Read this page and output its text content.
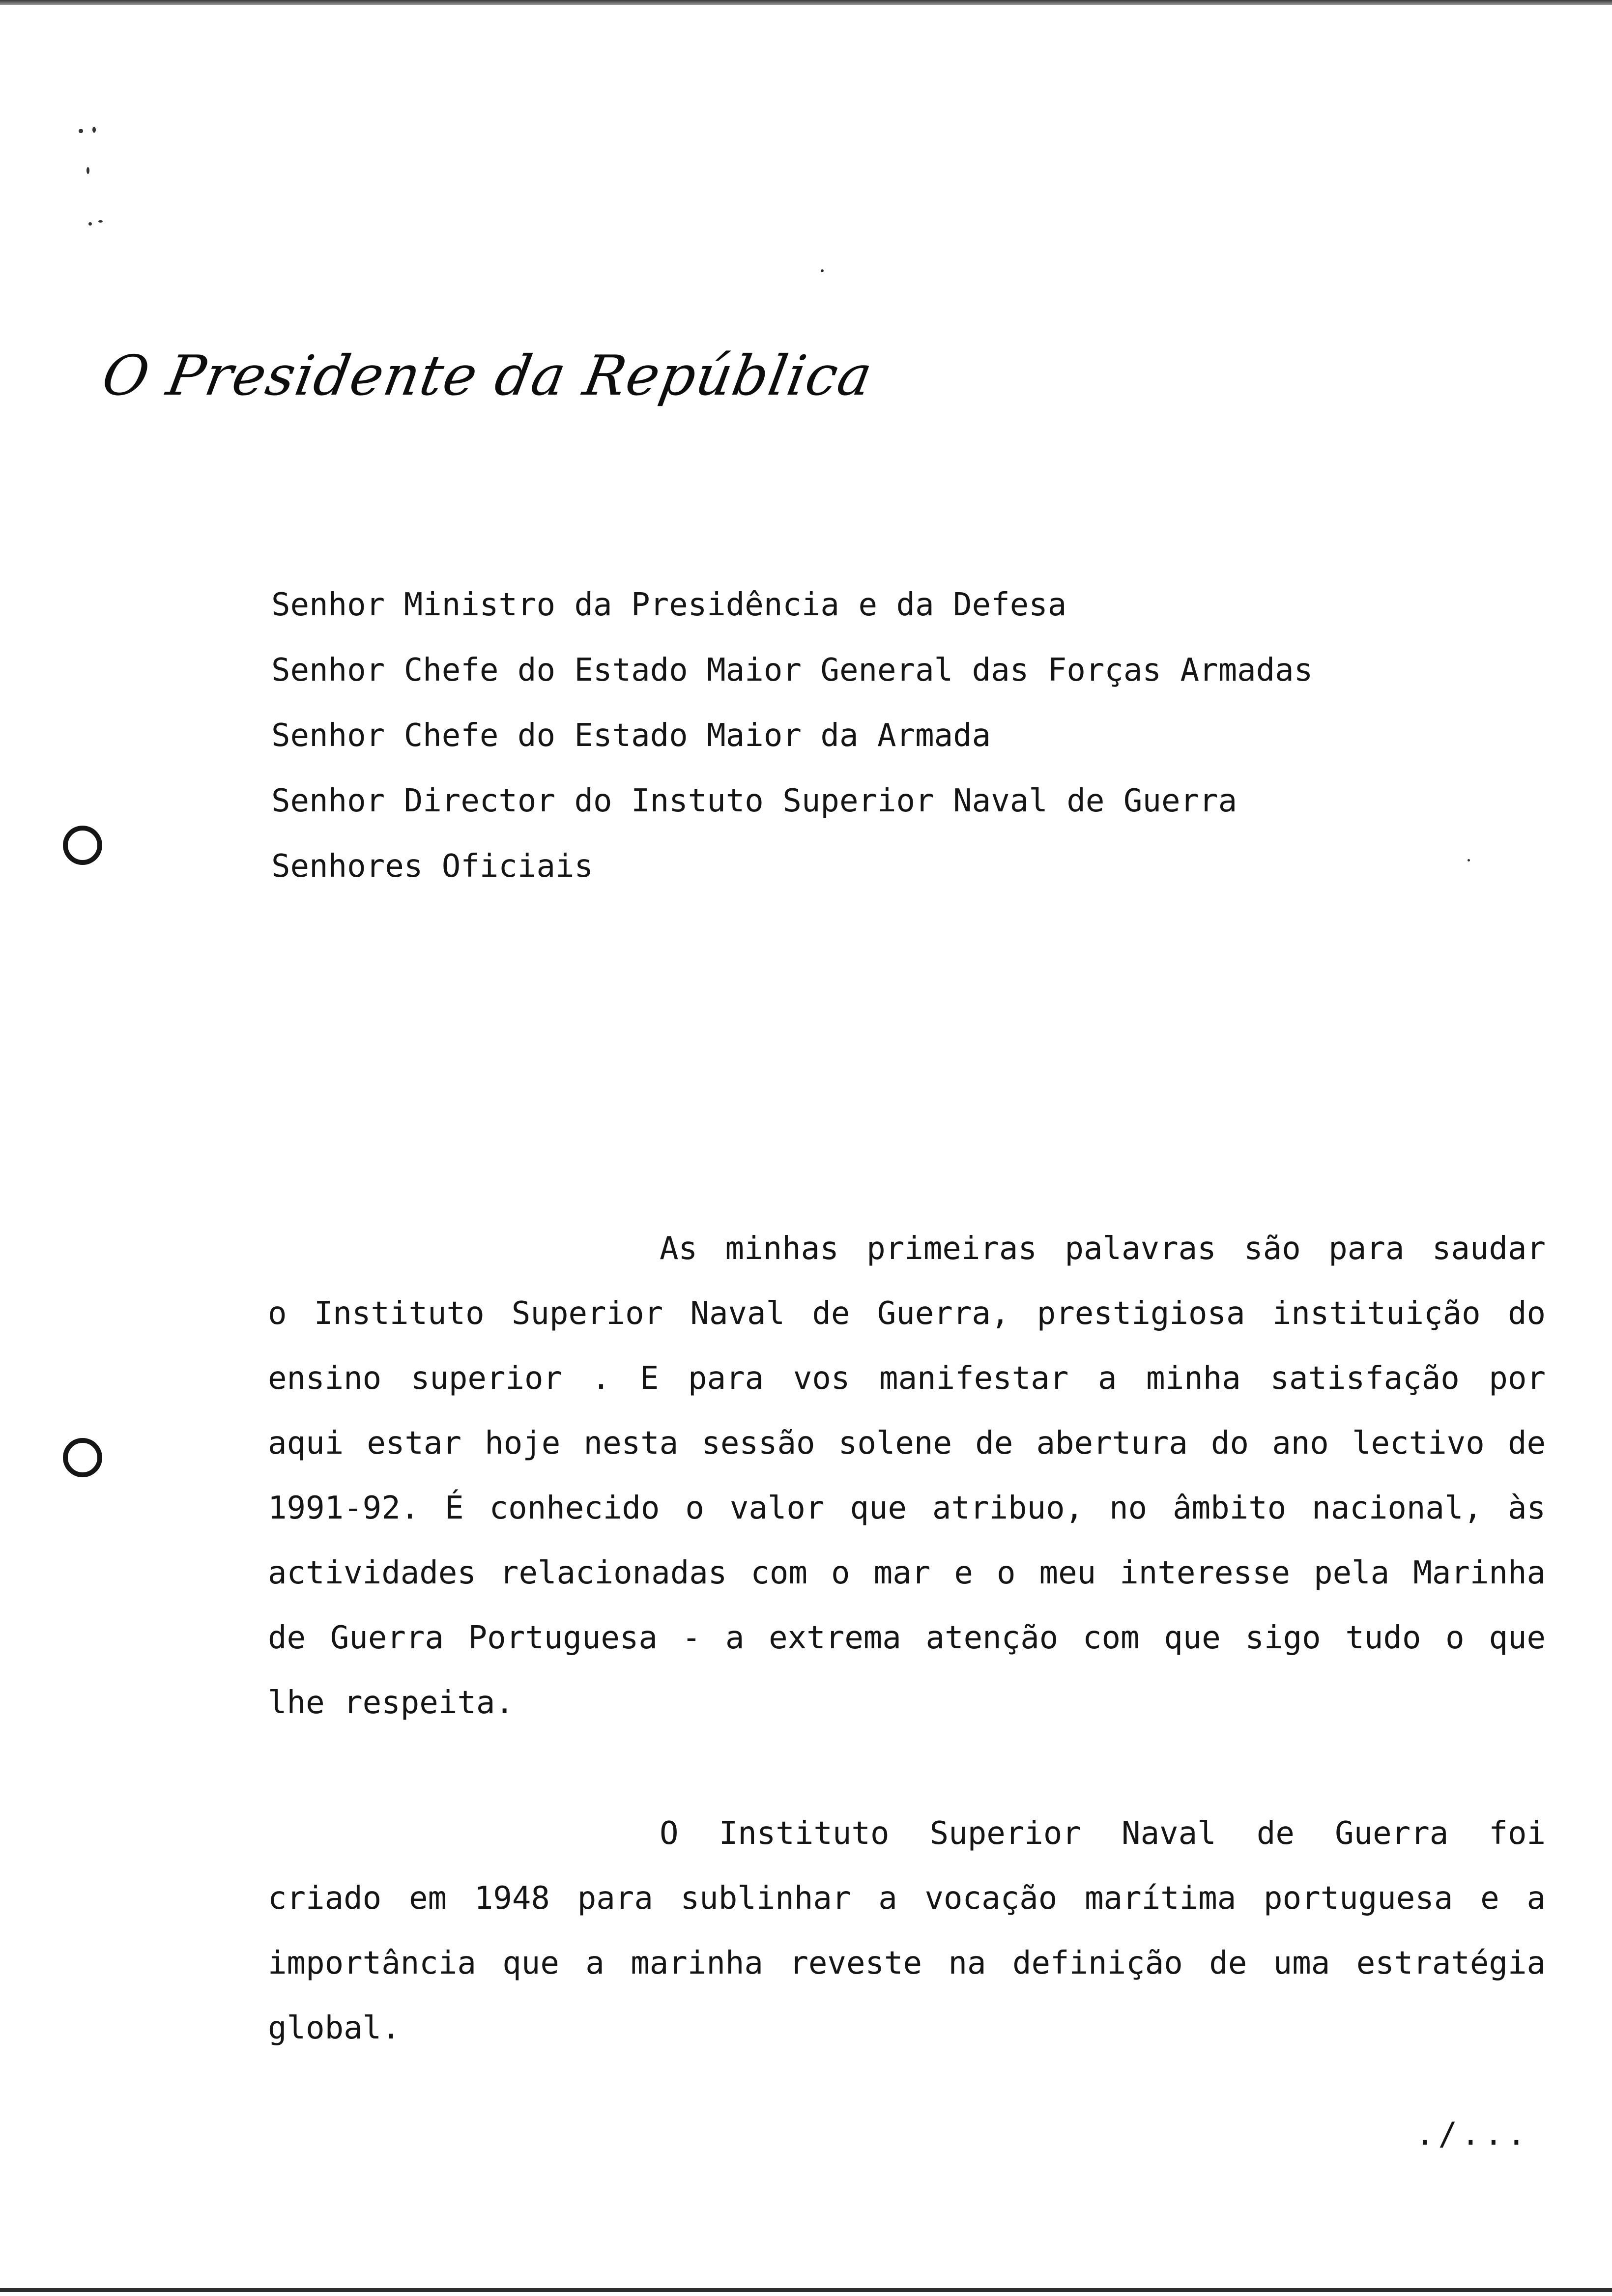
O Presidente da República
Senhor Ministro da Presidência e da Defesa
Senhor Chefe do Estado Maior General das Forças Armadas
Senhor Chefe do Estado Maior da Armada
Senhor Director do Instuto Superior Naval de Guerra
Senhores Oficiais
As minhas primeiras palavras são para saudar
o Instituto Superior Naval de Guerra, prestigiosa instituição do
ensino superior . E para vos manifestar a minha satisfação por
aqui estar hoje nesta sessão solene de abertura do ano lectivo de
1991-92. É conhecido o valor que atribuo, no âmbito nacional, às
actividades relacionadas com o mar e o meu interesse pela Marinha
de Guerra Portuguesa - a extrema atenção com que sigo tudo o que
lhe respeita.
O Instituto Superior Naval de Guerra foi
criado em 1948 para sublinhar a vocação marítima portuguesa e a
importância que a marinha reveste na definição de uma estratégia
global.
./...
